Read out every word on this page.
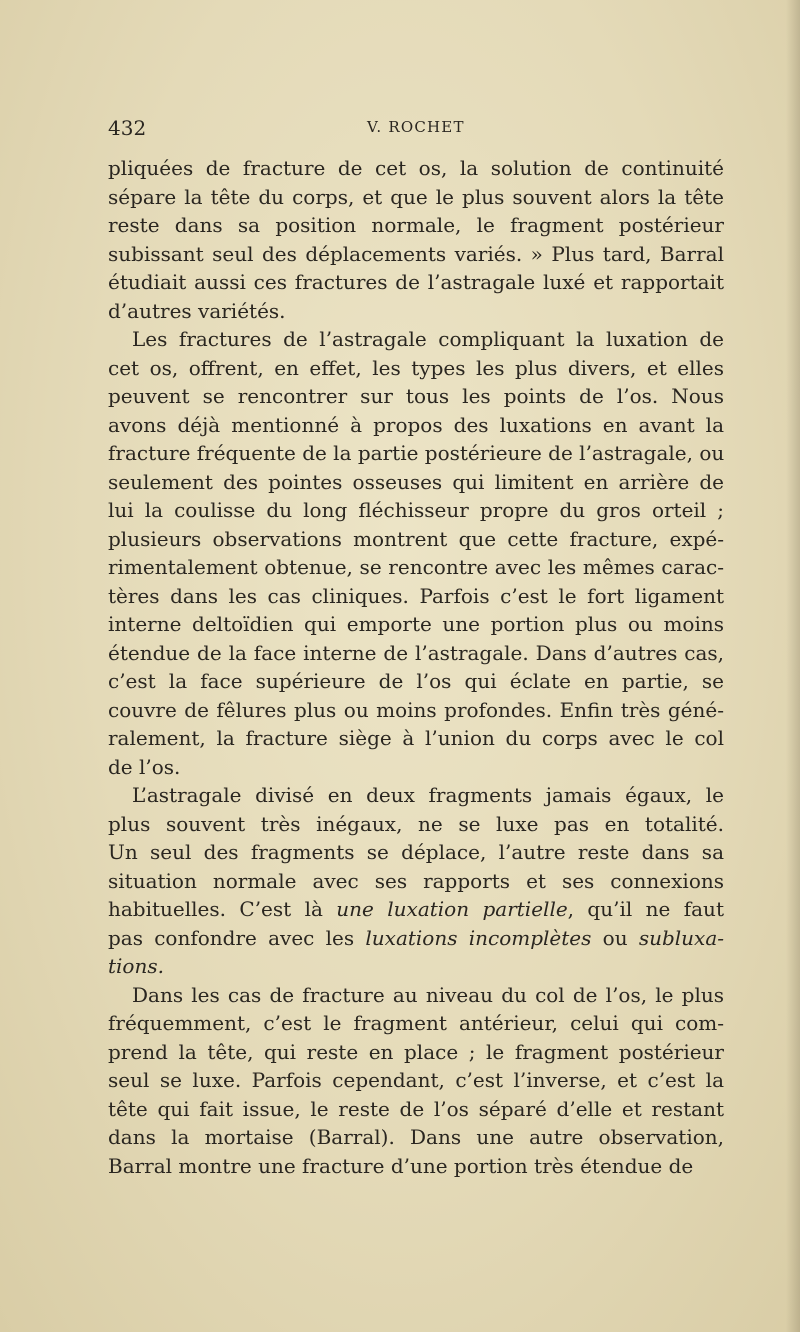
432	V. ROCHET

pliquées de fracture de cet os, la solution de continuité
sépare la tête du corps, et que le plus souvent alors la tête
reste dans sa position normale, le fragment postérieur
subissant seul des déplacements variés. » Plus tard, Barral
étudiait aussi ces fractures de l’astragale luxé et rapportait
d’autres variétés.

Les fractures de l’astragale compliquant la luxation de
cet os, offrent, en effet, les types les plus divers, et elles
peuvent se rencontrer sur tous les points de l’os. Nous
avons déjà mentionné à propos des luxations en avant la
fracture fréquente de la partie postérieure de l’astragale, ou
seulement des pointes osseuses qui limitent en arrière de
lui la coulisse du long fléchisseur propre du gros orteil ;
plusieurs observations montrent que cette fracture, expé-
rimentalement obtenue, se rencontre avec les mêmes carac-
tères dans les cas cliniques. Parfois c’est le fort ligament
interne deltoïdien qui emporte une portion plus ou moins
étendue de la face interne de l’astragale. Dans d’autres cas,
c’est la face supérieure de l’os qui éclate en partie, se
couvre de fêlures plus ou moins profondes. Enfin très géné-
ralement, la fracture siège à l’union du corps avec le col
de l’os.

L’astragale divisé en deux fragments jamais égaux, le
plus souvent très inégaux, ne se luxe pas en totalité.
Un seul des fragments se déplace, l’autre reste dans sa
situation normale avec ses rapports et ses connexions
habituelles. C’est là une luxation partielle, qu’il ne faut
pas confondre avec les luxations incomplètes ou subluxa-
tions.

Dans les cas de fracture au niveau du col de l’os, le plus
fréquemment, c’est le fragment antérieur, celui qui com-
prend la tête, qui reste en place ; le fragment postérieur
seul se luxe. Parfois cependant, c’est l’inverse, et c’est la
tête qui fait issue, le reste de l’os séparé d’elle et restant
dans la mortaise (Barral). Dans une autre observation,
Barral montre une fracture d’une portion très étendue de
